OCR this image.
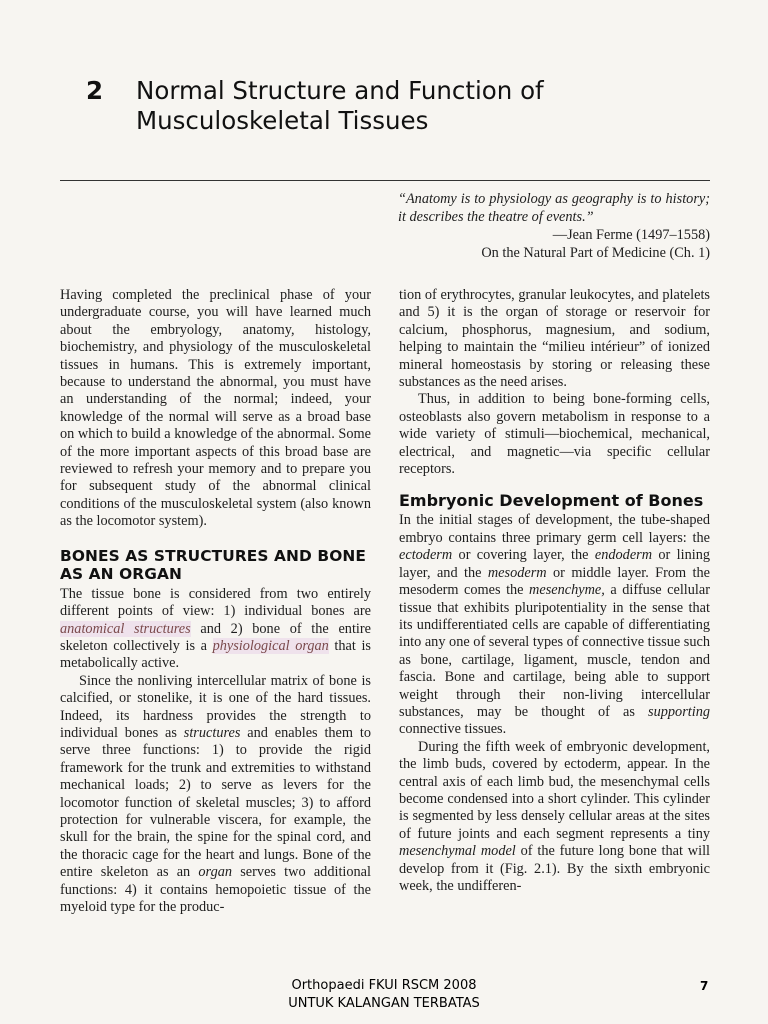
2 Normal Structure and Function of Musculoskeletal Tissues
“Anatomy is to physiology as geography is to history; it describes the theatre of events.”
—Jean Ferme (1497–1558)
On the Natural Part of Medicine (Ch. 1)

Having completed the preclinical phase of your undergraduate course, you will have learned much about the embryology, anatomy, histology, biochemistry, and physiology of the musculoskeletal tissues in humans. This is extremely important, because to understand the abnormal, you must have an understanding of the normal; indeed, your knowledge of the normal will serve as a broad base on which to build a knowledge of the abnormal. Some of the more important aspects of this broad base are reviewed to refresh your memory and to prepare you for subsequent study of the abnormal clinical conditions of the musculoskeletal system (also known as the locomotor system).

BONES AS STRUCTURES AND BONE AS AN ORGAN

The tissue bone is considered from two entirely different points of view: 1) individual bones are anatomical structures and 2) bone of the entire skeleton collectively is a physiological organ that is metabolically active.

Since the nonliving intercellular matrix of bone is calcified, or stonelike, it is one of the hard tissues. Indeed, its hardness provides the strength to individual bones as structures and enables them to serve three functions: 1) to provide the rigid framework for the trunk and extremities to withstand mechanical loads; 2) to serve as levers for the locomotor function of skeletal muscles; 3) to afford protection for vulnerable viscera, for example, the skull for the brain, the spine for the spinal cord, and the thoracic cage for the heart and lungs. Bone of the entire skeleton as an organ serves two additional functions: 4) it contains hemopoietic tissue of the myeloid type for the produc-

tion of erythrocytes, granular leukocytes, and platelets and 5) it is the organ of storage or reservoir for calcium, phosphorus, magnesium, and sodium, helping to maintain the “milieu intérieur” of ionized mineral homeostasis by storing or releasing these substances as the need arises.

Thus, in addition to being bone-forming cells, osteoblasts also govern metabolism in response to a wide variety of stimuli—biochemical, mechanical, electrical, and magnetic—via specific cellular receptors.

Embryonic Development of Bones

In the initial stages of development, the tube-shaped embryo contains three primary germ cell layers: the ectoderm or covering layer, the endoderm or lining layer, and the mesoderm or middle layer. From the mesoderm comes the mesenchyme, a diffuse cellular tissue that exhibits pluripotentiality in the sense that its undifferentiated cells are capable of differentiating into any one of several types of connective tissue such as bone, cartilage, ligament, muscle, tendon and fascia. Bone and cartilage, being able to support weight through their non-living intercellular substances, may be thought of as supporting connective tissues.

During the fifth week of embryonic development, the limb buds, covered by ectoderm, appear. In the central axis of each limb bud, the mesenchymal cells become condensed into a short cylinder. This cylinder is segmented by less densely cellular areas at the sites of future joints and each segment represents a tiny mesenchymal model of the future long bone that will develop from it (Fig. 2.1). By the sixth embryonic week, the undifferen-

Orthopaedi FKUI RSCM 2008
UNTUK KALANGAN TERBATAS
7
